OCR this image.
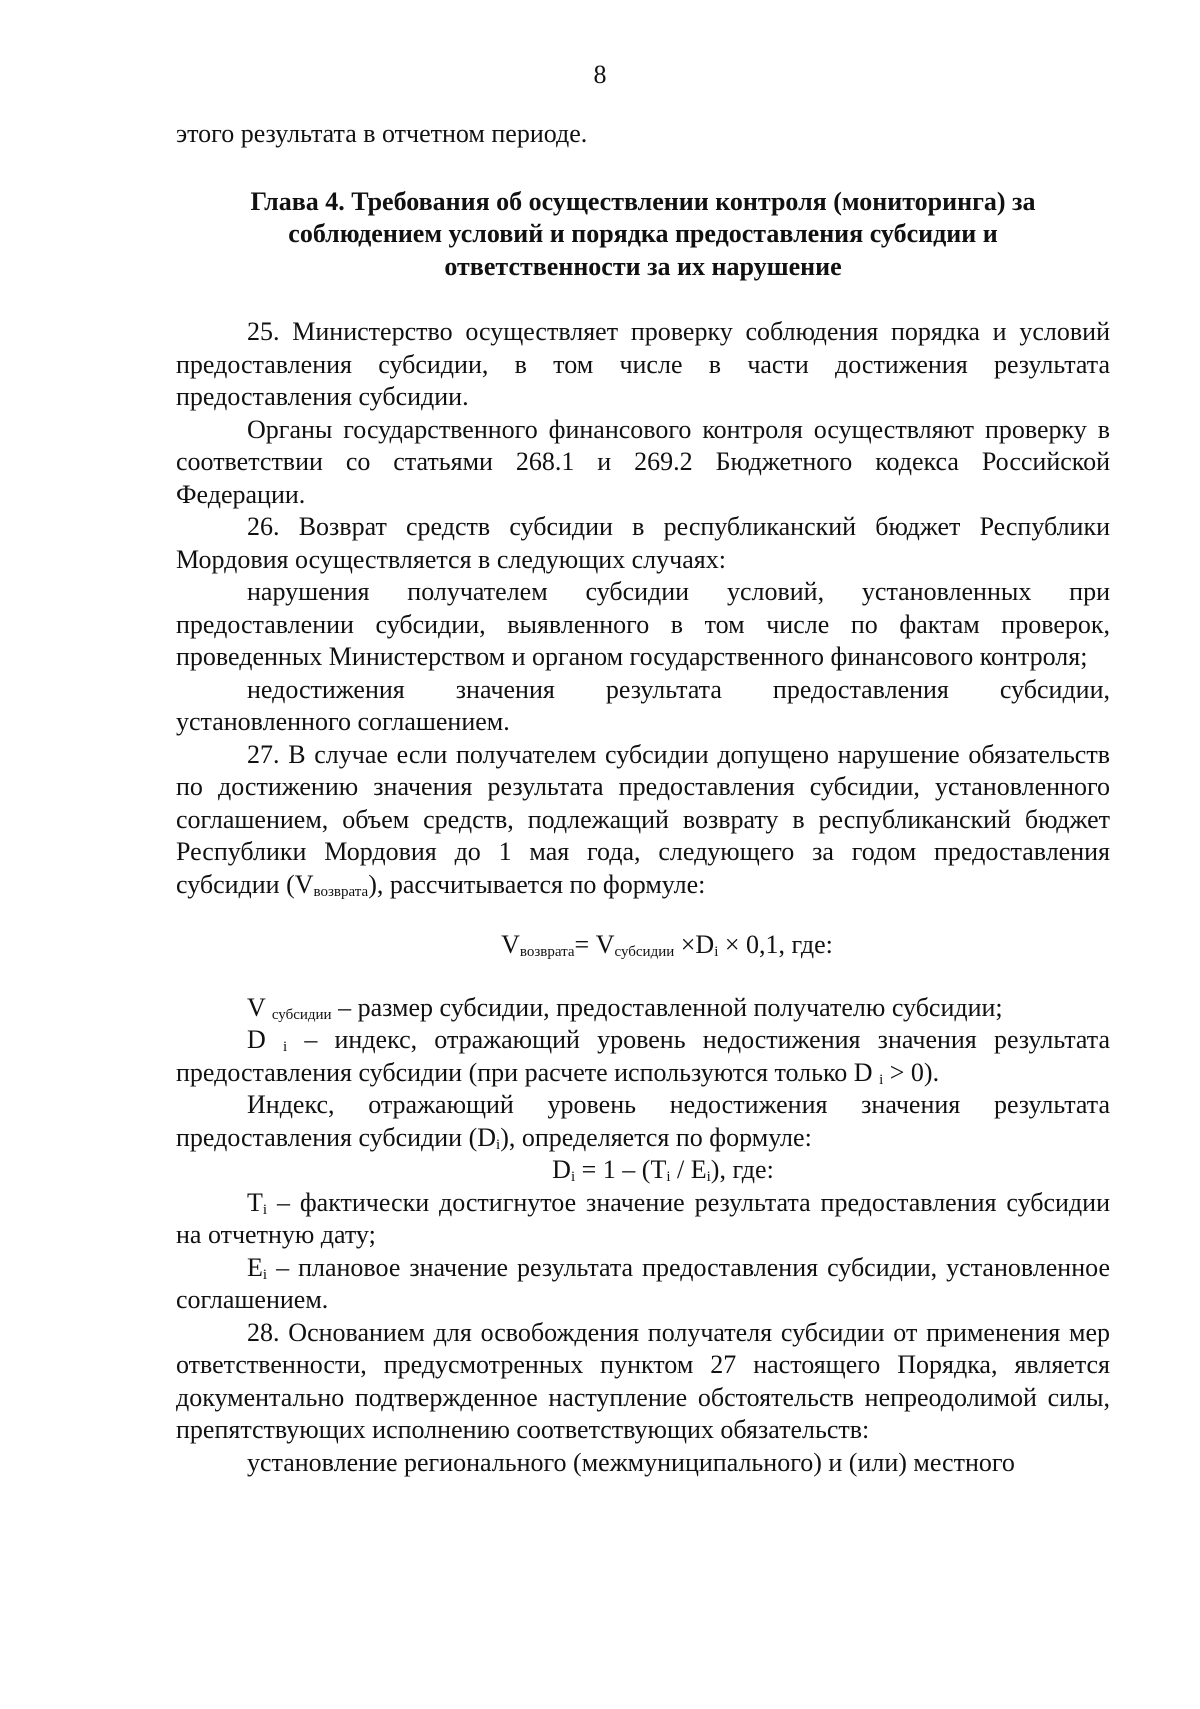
8

этого результата в отчетном периоде.

Глава 4. Требования об осуществлении контроля (мониторинга) за
соблюдением условий и порядка предоставления субсидии и
ответственности за их нарушение

25. Министерство осуществляет проверку соблюдения порядка и условий предоставления субсидии, в том числе в части достижения результата предоставления субсидии.

Органы государственного финансового контроля осуществляют проверку в соответствии со статьями 268.1 и 269.2 Бюджетного кодекса Российской Федерации.

26. Возврат средств субсидии в республиканский бюджет Республики Мордовия осуществляется в следующих случаях:

нарушения получателем субсидии условий, установленных при предоставлении субсидии, выявленного в том числе по фактам проверок, проведенных Министерством и органом государственного финансового контроля;

недостижения значения результата предоставления субсидии, установленного соглашением.

27. В случае если получателем субсидии допущено нарушение обязательств по достижению значения результата предоставления субсидии, установленного соглашением, объем средств, подлежащий возврату в республиканский бюджет Республики Мордовия до 1 мая года, следующего за годом предоставления субсидии $(V_{возврата})$, рассчитывается по формуле:

$V_{возврата}= V_{субсидии} \times D_i \times 0,1$, где:

V $_{субсидии}$ – размер субсидии, предоставленной получателю субсидии;

D $_i$ – индекс, отражающий уровень недостижения значения результата предоставления субсидии (при расчете используются только D $_i$ > 0).

Индекс, отражающий уровень недостижения значения результата предоставления субсидии $(D_i)$, определяется по формуле:

$D_i = 1 - (T_i / E_i)$, где:

$T_i$ – фактически достигнутое значение результата предоставления субсидии на отчетную дату;

$E_i$ – плановое значение результата предоставления субсидии, установленное соглашением.

28. Основанием для освобождения получателя субсидии от применения мер ответственности, предусмотренных пунктом 27 настоящего Порядка, является документально подтвержденное наступление обстоятельств непреодолимой силы, препятствующих исполнению соответствующих обязательств:

установление регионального (межмуниципального) и (или) местного
